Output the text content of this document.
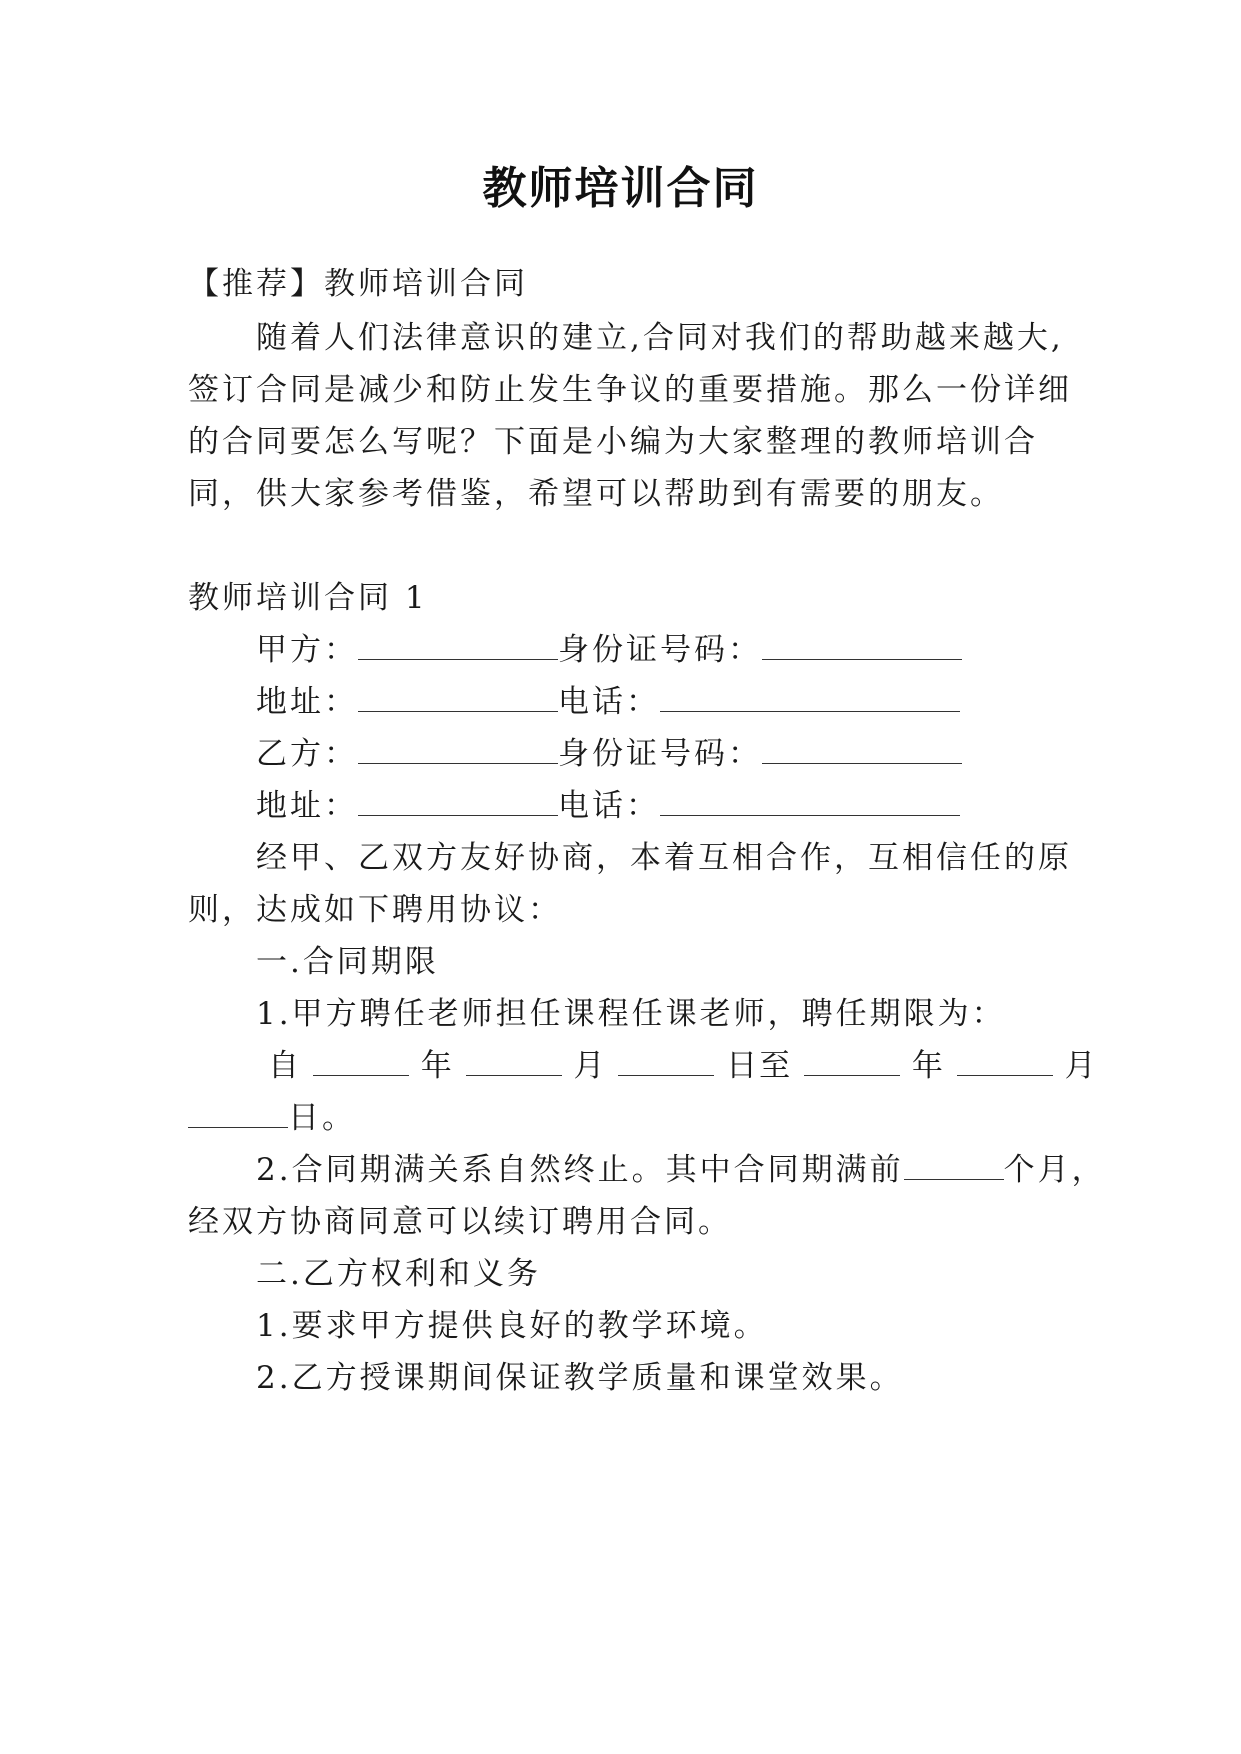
教师培训合同
【推荐】教师培训合同
随着人们法律意识的建立,合同对我们的帮助越来越大,
签订合同是减少和防止发生争议的重要措施。那么一份详细
的合同要怎么写呢？下面是小编为大家整理的教师培训合
同，供大家参考借鉴，希望可以帮助到有需要的朋友。
教师培训合同 1
甲方：	身份证号码：
地址：	电话：
乙方：	身份证号码：
地址：	电话：
经甲、乙双方友好协商，本着互相合作，互相信任的原
则，达成如下聘用协议：
一.合同期限
1.甲方聘任老师担任课程任课老师，聘任期限为：
自	年	月	日至	年	月
日。
2.合同期满关系自然终止。其中合同期满前	个月，
经双方协商同意可以续订聘用合同。
二.乙方权利和义务
1.要求甲方提供良好的教学环境。
2.乙方授课期间保证教学质量和课堂效果。
